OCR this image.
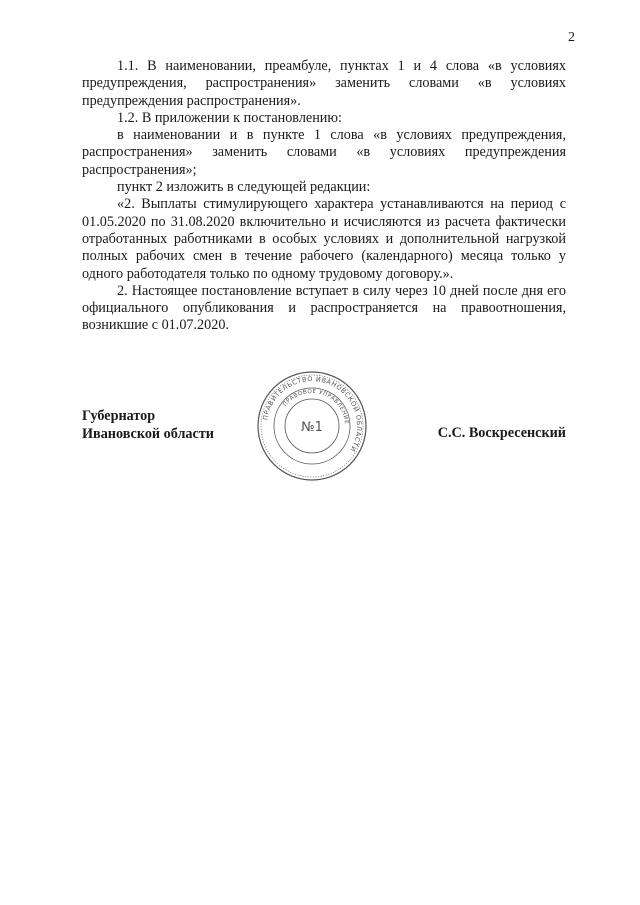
2

1.1. В наименовании, преамбуле, пунктах 1 и 4 слова «в условиях предупреждения, распространения» заменить словами «в условиях предупреждения распространения».

1.2. В приложении к постановлению:

в наименовании и в пункте 1 слова «в условиях предупреждения, распространения» заменить словами «в условиях предупреждения распространения»;

пункт 2 изложить в следующей редакции:

«2. Выплаты стимулирующего характера устанавливаются на период с 01.05.2020 по 31.08.2020 включительно и исчисляются из расчета фактически отработанных работниками в особых условиях и дополнительной нагрузкой полных рабочих смен в течение рабочего (календарного) месяца только у одного работодателя только по одному трудовому договору.».

2. Настоящее постановление вступает в силу через 10 дней после дня его официального опубликования и распространяется на правоотношения, возникшие с 01.07.2020.

Губернатор
Ивановской области	С.С. Воскресенский
ПРАВИТЕЛЬСТВО ИВАНОВСКОЙ ОБЛАСТИ
ПРАВОВОЕ УПРАВЛЕНИЕ
№1
